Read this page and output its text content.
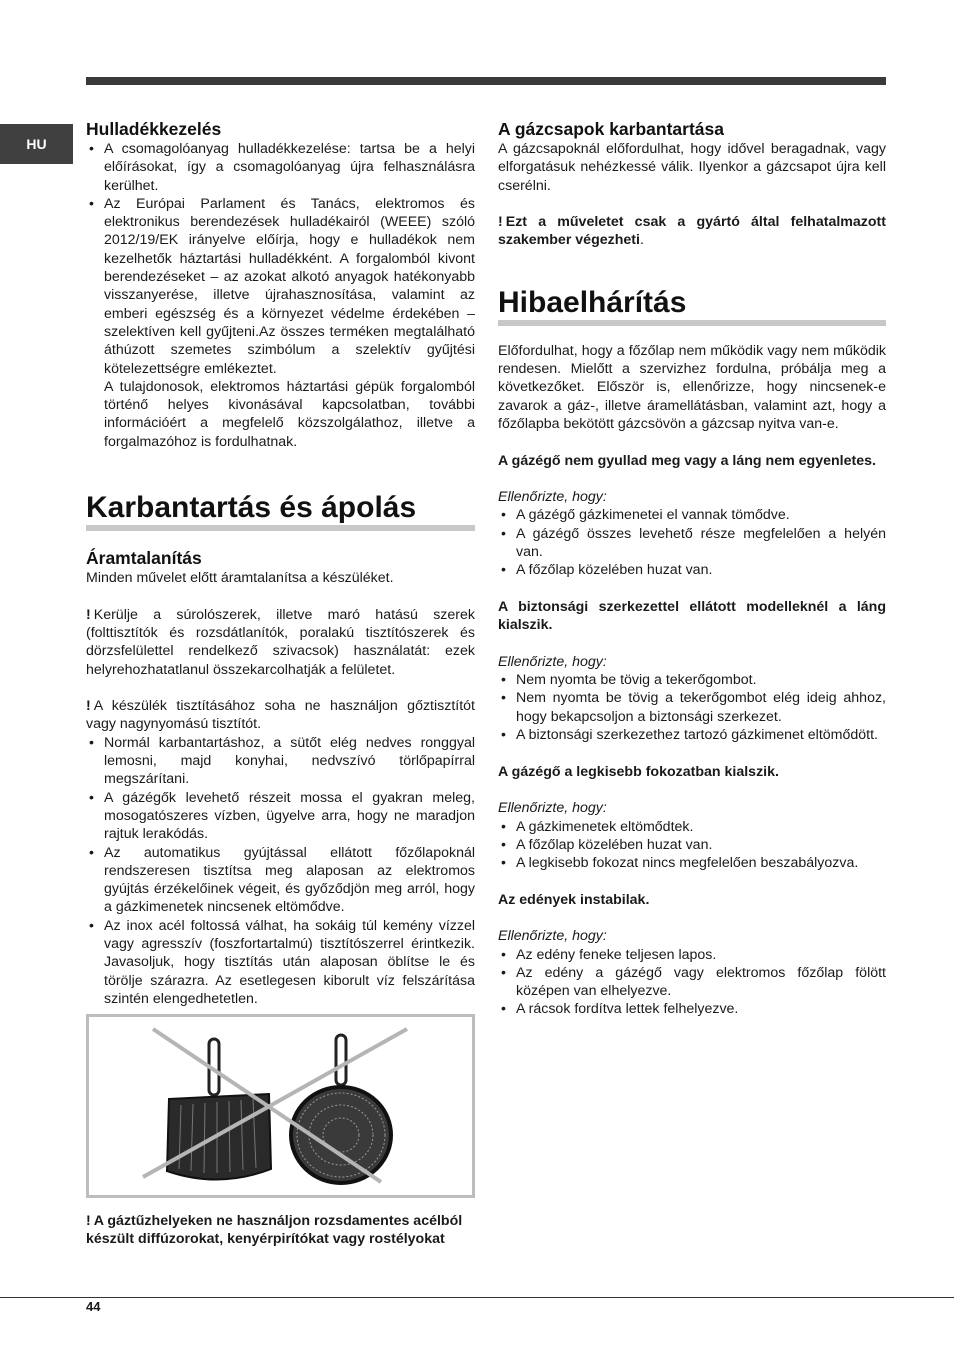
HU
Hulladékkezelés
• A csomagolóanyag hulladékkezelése: tartsa be a helyi előírásokat, így a csomagolóanyag újra felhasználásra kerülhet.
• Az Európai Parlament és Tanács, elektromos és elektronikus berendezések hulladékairól (WEEE) szóló 2012/19/EK irányelve előírja, hogy e hulladékok nem kezelhetők háztartási hulladékként. A forgalomból kivont berendezéseket – az azokat alkotó anyagok hatékonyabb visszanyerése, illetve újrahasznosítása, valamint az emberi egészség és a környezet védelme érdekében – szelektíven kell gyűjteni.Az összes terméken megtalálható áthúzott szemetes szimbólum a szelektív gyűjtési kötelezettségre emlékeztet.

A tulajdonosok, elektromos háztartási gépük forgalomból történő helyes kivonásával kapcsolatban, további információért a megfelelő közszolgálathoz, illetve a forgalmazóhoz is fordulhatnak.

Karbantartás és ápolás
Áramtalanítás

Minden művelet előtt áramtalanítsa a készüléket.

! Kerülje a súrolószerek, illetve maró hatású szerek (folttisztítók és rozsdátlanítók, poralakú tisztítószerek és dörzsfelülettel rendelkező szivacsok) használatát: ezek helyrehozhatatlanul összekarcolhatják a felületet.

! A készülék tisztításához soha ne használjon gőztisztítót vagy nagynyomású tisztítót.

• Normál karbantartáshoz, a sütőt elég nedves ronggyal lemosni, majd konyhai, nedvszívó törlőpapírral megszárítani.
• A gázégők levehető részeit mossa el gyakran meleg, mosogatószeres vízben, ügyelve arra, hogy ne maradjon rajtuk lerakódás.
• Az automatikus gyújtással ellátott főzőlapoknál rendszeresen tisztítsa meg alaposan az elektromos gyújtás érzékelőinek végeit, és győződjön meg arról, hogy a gázkimenetek nincsenek eltömődve.
• Az inox acél foltossá válhat, ha sokáig túl kemény vízzel vagy agresszív (foszfortartalmú) tisztítószerrel érintkezik. Javasoljuk, hogy tisztítás után alaposan öblítse le és törölje szárazra. Az esetlegesen kiborult víz felszárítása szintén elengedhetetlen.

! A gáztűzhelyeken ne használjon rozsdamentes acélból készült diffúzorokat, kenyérpirítókat vagy rostélyokat

A gázcsapok karbantartása

A gázcsapoknál előfordulhat, hogy idővel beragadnak, vagy elforgatásuk nehézkessé válik. Ilyenkor a gázcsapot újra kell cserélni.

! Ezt a műveletet csak a gyártó által felhatalmazott szakember végezheti.

Hibaelhárítás

Előfordulhat, hogy a főzőlap nem működik vagy nem működik rendesen. Mielőtt a szervizhez fordulna, próbálja meg a következőket. Először is, ellenőrizze, hogy nincsenek-e zavarok a gáz-, illetve áramellátásban, valamint azt, hogy a főzőlapba bekötött gázcsövön a gázcsap nyitva van-e.

A gázégő nem gyullad meg vagy a láng nem egyenletes.

Ellenőrizte, hogy:

• A gázégő gázkimenetei el vannak tömődve.
• A gázégő összes levehető része megfelelően a helyén van.
• A főzőlap közelében huzat van.

A biztonsági szerkezettel ellátott modelleknél a láng kialszik.

Ellenőrizte, hogy:

• Nem nyomta be tövig a tekerőgombot.
• Nem nyomta be tövig a tekerőgombot elég ideig ahhoz, hogy bekapcsoljon a biztonsági szerkezet.
• A biztonsági szerkezethez tartozó gázkimenet eltömődött.

A gázégő a legkisebb fokozatban kialszik.

Ellenőrizte, hogy:

• A gázkimenetek eltömődtek.
• A főzőlap közelében huzat van.
• A legkisebb fokozat nincs megfelelően beszabályozva.

Az edények instabilak.

Ellenőrizte, hogy:

• Az edény feneke teljesen lapos.
• Az edény a gázégő vagy elektromos főzőlap fölött középen van elhelyezve.
• A rácsok fordítva lettek felhelyezve.
44
